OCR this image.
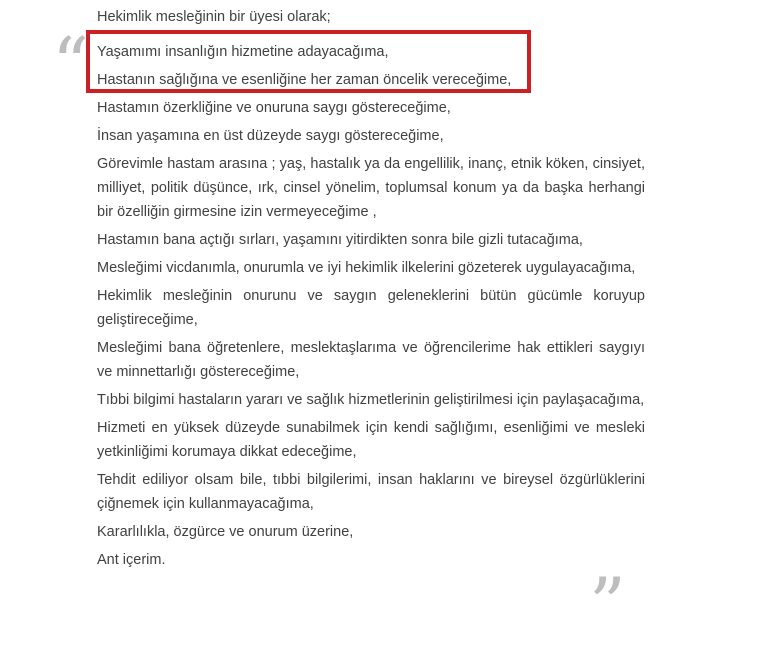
“

Hekimlik mesleğinin bir üyesi olarak;

Yaşamımı insanlığın hizmetine adayacağıma,

Hastanın sağlığına ve esenliğine her zaman öncelik vereceğime,

Hastamın özerkliğine ve onuruna saygı göstereceğime,

İnsan yaşamına en üst düzeyde saygı göstereceğime,

Görevimle hastam arasına ; yaş, hastalık ya da engellilik, inanç, etnik köken, cinsiyet, milliyet, politik düşünce, ırk, cinsel yönelim, toplumsal konum ya da başka herhangi bir özelliğin girmesine izin vermeyeceğime ,

Hastamın bana açtığı sırları, yaşamını yitirdikten sonra bile gizli tutacağıma,

Mesleğimi vicdanımla, onurumla ve iyi hekimlik ilkelerini gözeterek uygulayacağıma,

Hekimlik mesleğinin onurunu ve saygın geleneklerini bütün gücümle koruyup geliştireceğime,

Mesleğimi bana öğretenlere, meslektaşlarıma ve öğrencilerime hak ettikleri saygıyı ve minnettarlığı göstereceğime,

Tıbbi bilgimi hastaların yararı ve sağlık hizmetlerinin geliştirilmesi için paylaşacağıma,

Hizmeti en yüksek düzeyde sunabilmek için kendi sağlığımı, esenliğimi ve mesleki yetkinliğimi korumaya dikkat edeceğime,

Tehdit ediliyor olsam bile, tıbbi bilgilerimi, insan haklarını ve bireysel özgürlüklerini çiğnemek için kullanmayacağıma,

Kararlılıkla, özgürce ve onurum üzerine,

Ant içerim.

”
